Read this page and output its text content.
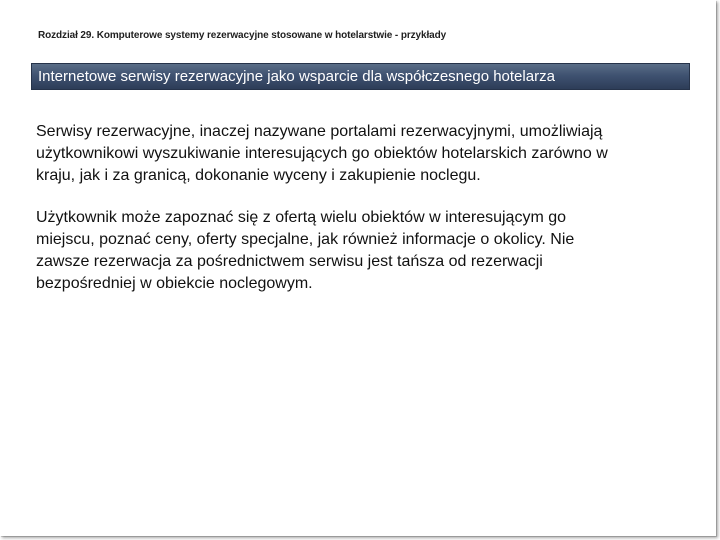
Rozdział 29. Komputerowe systemy rezerwacyjne stosowane w hotelarstwie - przykłady
Internetowe serwisy rezerwacyjne jako wsparcie dla współczesnego hotelarza
Serwisy rezerwacyjne, inaczej nazywane portalami rezerwacyjnymi, umożliwiają
użytkownikowi wyszukiwanie interesujących go obiektów hotelarskich zarówno w
kraju, jak i za granicą, dokonanie wyceny i zakupienie noclegu.
Użytkownik może zapoznać się z ofertą wielu obiektów w interesującym go
miejscu, poznać ceny, oferty specjalne, jak również informacje o okolicy. Nie
zawsze rezerwacja za pośrednictwem serwisu jest tańsza od rezerwacji
bezpośredniej w obiekcie noclegowym.
